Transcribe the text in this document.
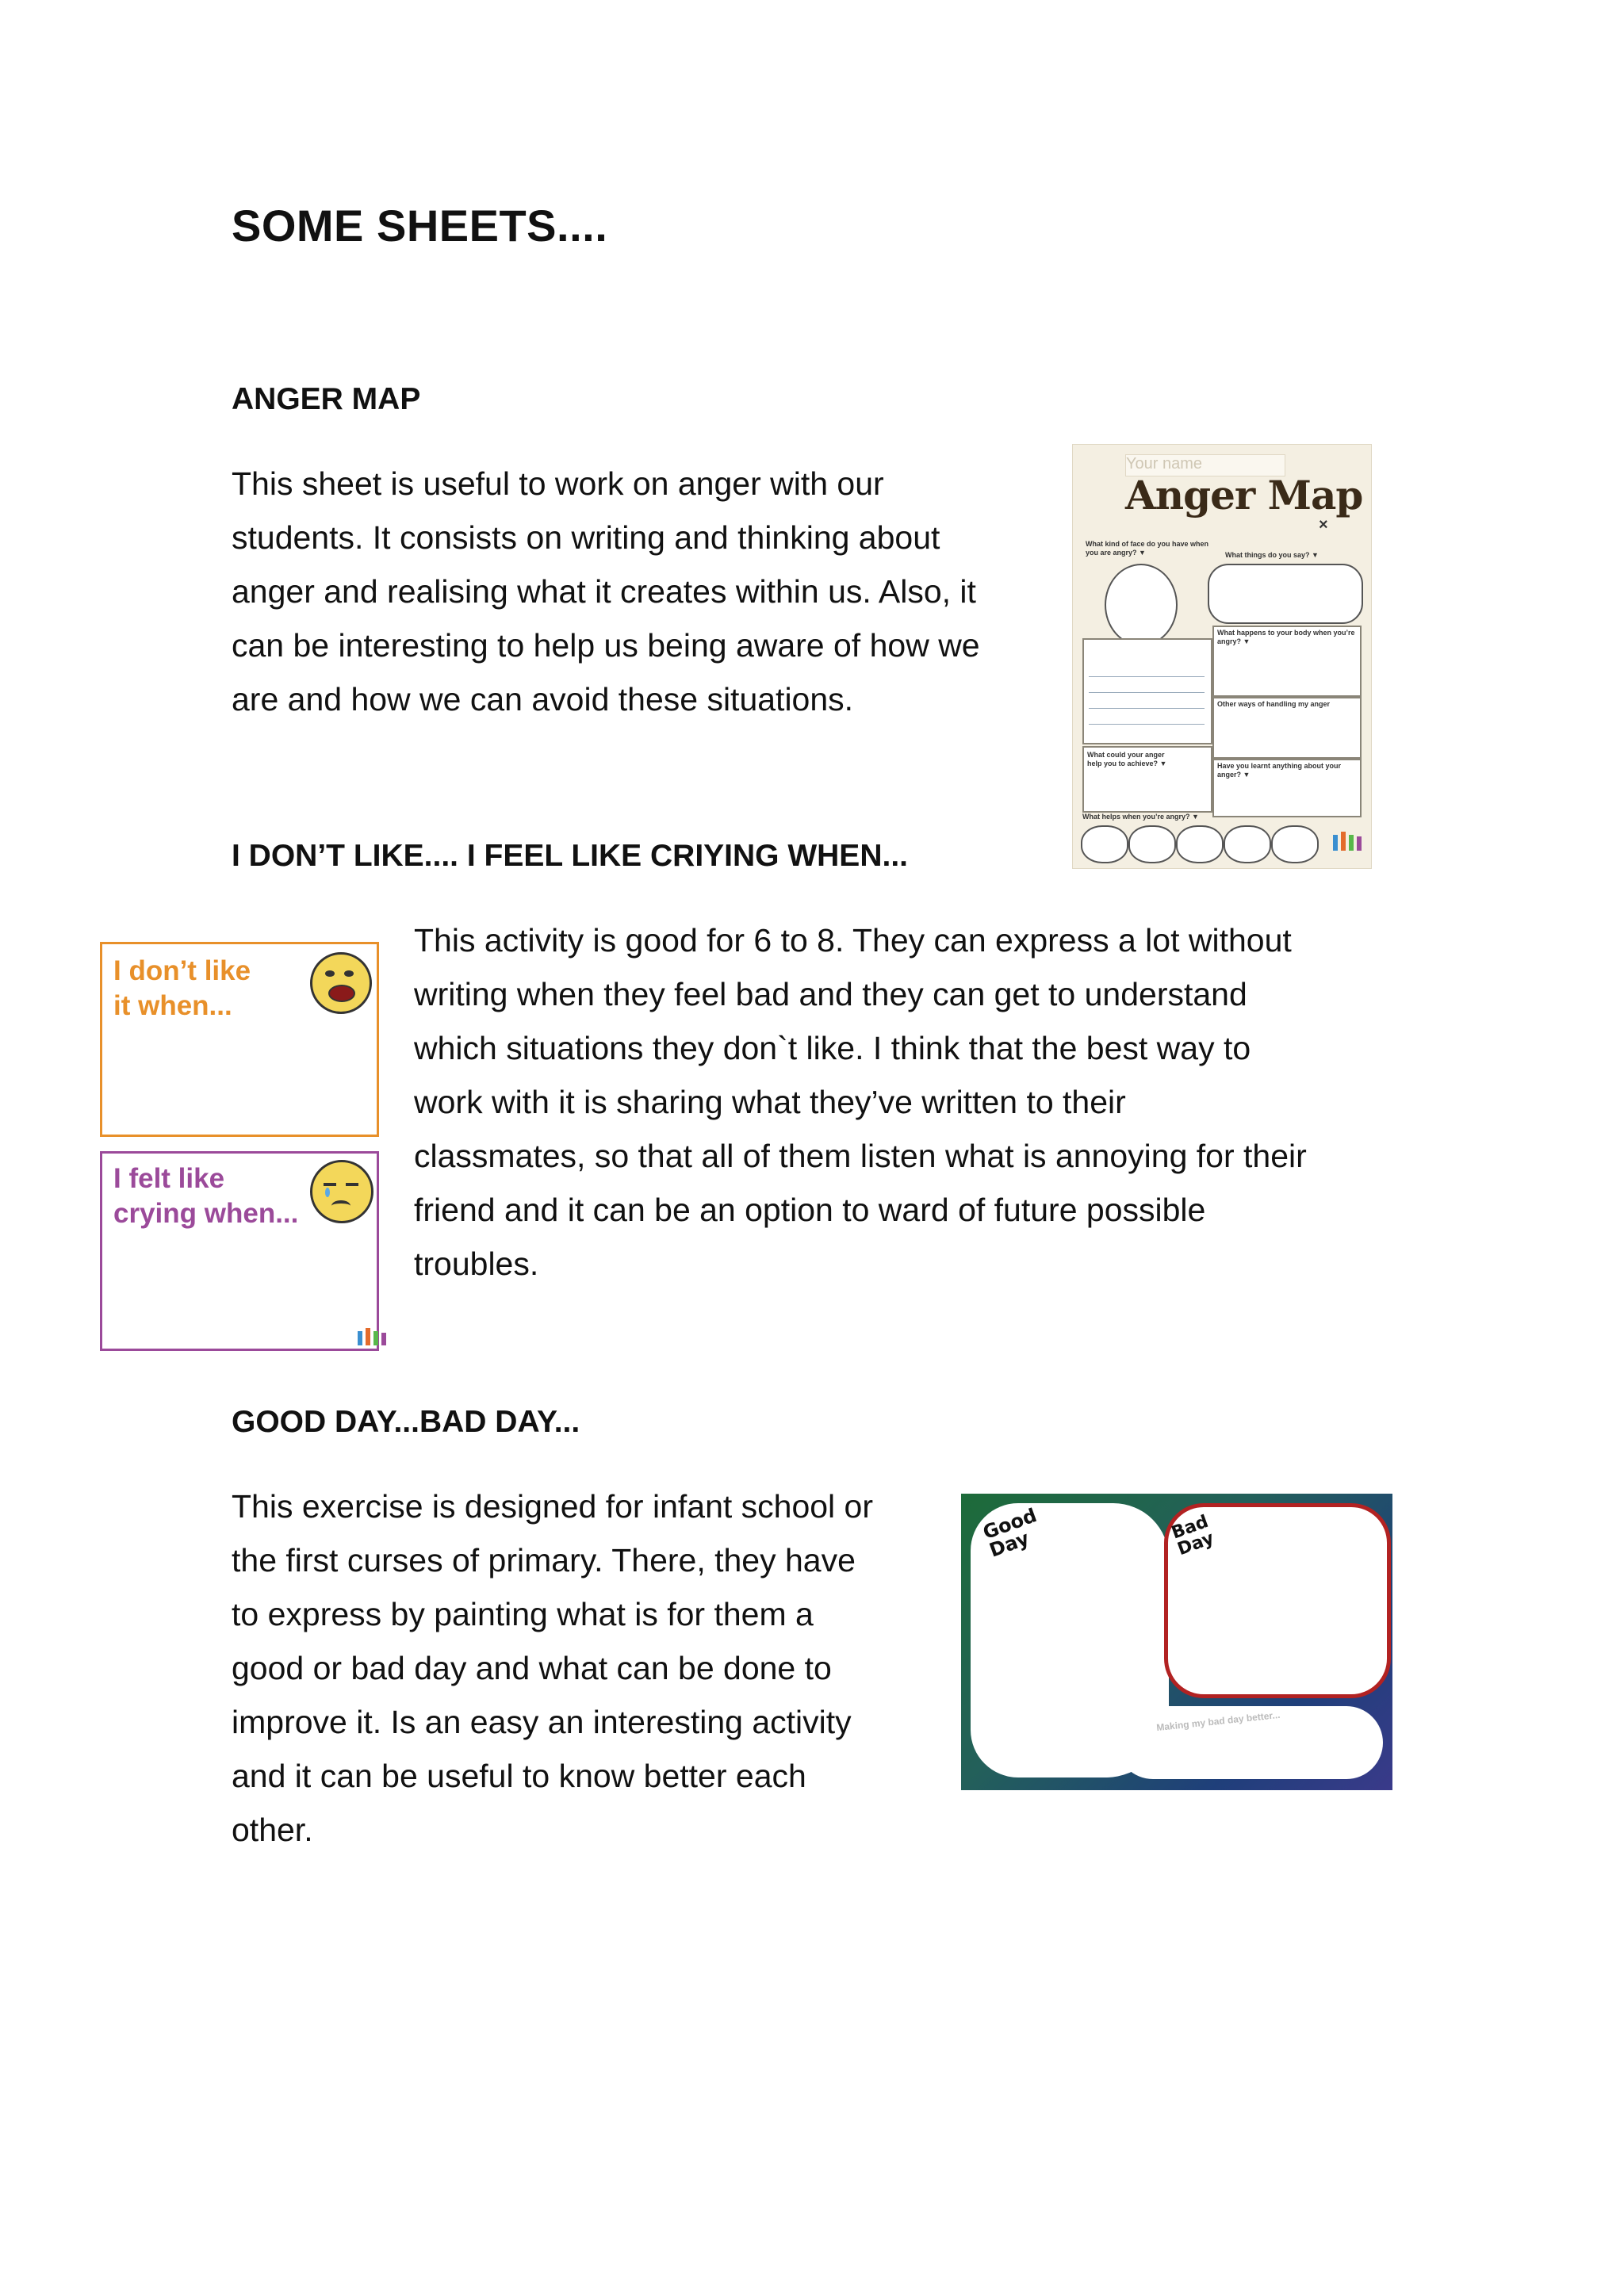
SOME SHEETS....
ANGER MAP
This sheet is useful to work on anger with our
students. It consists on writing and thinking about
anger and realising what it creates within us. Also, it
can be interesting to help us being aware of how we
are and how we can avoid these situations.
Your name
Anger Map
×
What kind of face do you have when you are angry? ▼	What things do you say? ▼
What happens to your body when you’re angry? ▼
Other ways of handling my anger
What could your anger help you to achieve? ▼	Have you learnt anything about your anger? ▼
What helps when you’re angry? ▼
I DON’T LIKE.... I FEEL LIKE CRIYING WHEN...
This activity is good for 6 to 8. They can express a lot without
writing when they feel bad and they can get to understand
which situations they don`t like. I think that the best way to
work with it is sharing what they’ve written to their
classmates, so that all of them listen what is annoying for their
friend and it can be an option to ward of future possible
troubles.
I don’t like
it when...
I felt like
crying when...
GOOD DAY...BAD DAY...
This exercise is designed for infant school or
the first curses of primary. There, they have
to express by painting what is for them a
good or bad day and what can be done to
improve it. Is an easy an interesting activity
and it can be useful to know better each
other.
Good Day	Bad Day
Making my bad day better...
